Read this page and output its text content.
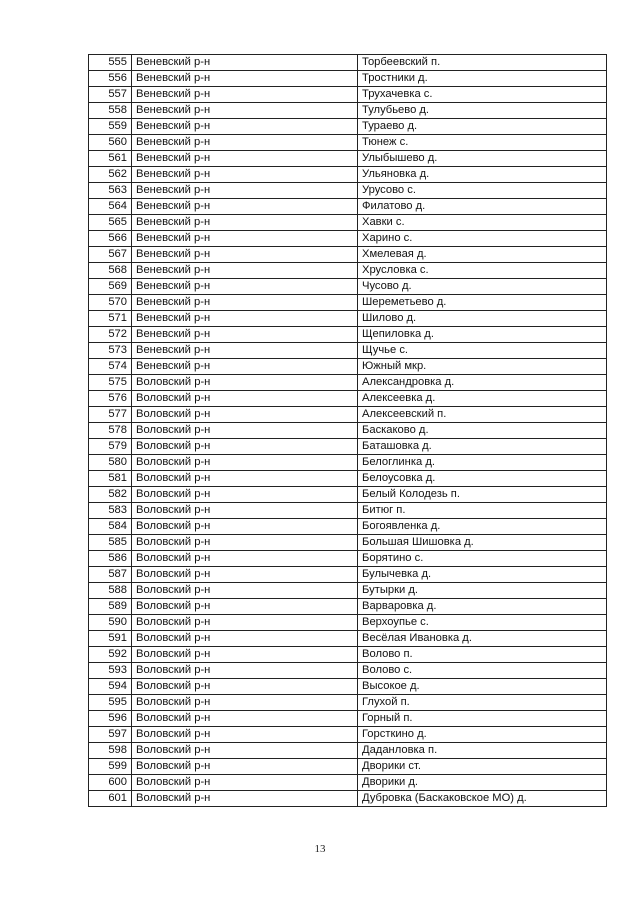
555	Веневский р-н	Торбеевский п.
556	Веневский р-н	Тростники д.
557	Веневский р-н	Трухачевка с.
558	Веневский р-н	Тулубьево д.
559	Веневский р-н	Тураево д.
560	Веневский р-н	Тюнеж с.
561	Веневский р-н	Улыбышево д.
562	Веневский р-н	Ульяновка д.
563	Веневский р-н	Урусово с.
564	Веневский р-н	Филатово д.
565	Веневский р-н	Хавки с.
566	Веневский р-н	Харино с.
567	Веневский р-н	Хмелевая д.
568	Веневский р-н	Хрусловка с.
569	Веневский р-н	Чусово д.
570	Веневский р-н	Шереметьево д.
571	Веневский р-н	Шилово д.
572	Веневский р-н	Щепиловка д.
573	Веневский р-н	Щучье с.
574	Веневский р-н	Южный мкр.
575	Воловский р-н	Александровка д.
576	Воловский р-н	Алексеевка д.
577	Воловский р-н	Алексеевский п.
578	Воловский р-н	Баскаково д.
579	Воловский р-н	Баташовка д.
580	Воловский р-н	Белоглинка д.
581	Воловский р-н	Белоусовка д.
582	Воловский р-н	Белый Колодезь п.
583	Воловский р-н	Битюг п.
584	Воловский р-н	Богоявленка д.
585	Воловский р-н	Большая Шишовка д.
586	Воловский р-н	Борятино с.
587	Воловский р-н	Булычевка д.
588	Воловский р-н	Бутырки д.
589	Воловский р-н	Варваровка д.
590	Воловский р-н	Верхоупье с.
591	Воловский р-н	Весёлая Ивановка д.
592	Воловский р-н	Волово п.
593	Воловский р-н	Волово с.
594	Воловский р-н	Высокое д.
595	Воловский р-н	Глухой п.
596	Воловский р-н	Горный п.
597	Воловский р-н	Горсткино д.
598	Воловский р-н	Даданловка п.
599	Воловский р-н	Дворики ст.
600	Воловский р-н	Дворики д.
601	Воловский р-н	Дубровка (Баскаковское МО) д.
13
